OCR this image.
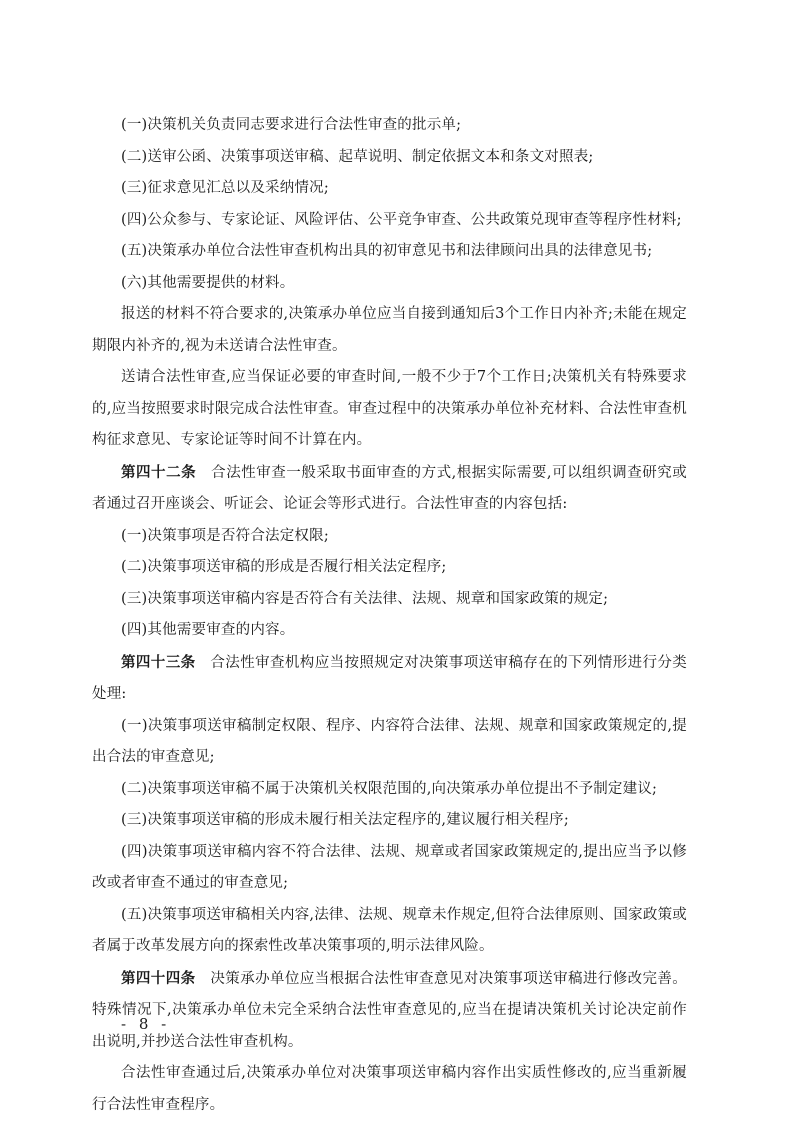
(一)决策机关负责同志要求进行合法性审查的批示单;

(二)送审公函、决策事项送审稿、起草说明、制定依据文本和条文对照表;

(三)征求意见汇总以及采纳情况;

(四)公众参与、专家论证、风险评估、公平竞争审查、公共政策兑现审查等程序性材料;

(五)决策承办单位合法性审查机构出具的初审意见书和法律顾问出具的法律意见书;

(六)其他需要提供的材料。

报送的材料不符合要求的,决策承办单位应当自接到通知后3个工作日内补齐;未能在规定期限内补齐的,视为未送请合法性审查。

送请合法性审查,应当保证必要的审查时间,一般不少于7个工作日;决策机关有特殊要求的,应当按照要求时限完成合法性审查。审查过程中的决策承办单位补充材料、合法性审查机构征求意见、专家论证等时间不计算在内。

第四十二条　 合法性审查一般采取书面审查的方式,根据实际需要,可以组织调查研究或者通过召开座谈会、听证会、论证会等形式进行。合法性审查的内容包括:

(一)决策事项是否符合法定权限;

(二)决策事项送审稿的形成是否履行相关法定程序;

(三)决策事项送审稿内容是否符合有关法律、法规、规章和国家政策的规定;

(四)其他需要审查的内容。

第四十三条　 合法性审查机构应当按照规定对决策事项送审稿存在的下列情形进行分类处理:

(一)决策事项送审稿制定权限、程序、内容符合法律、法规、规章和国家政策规定的,提出合法的审查意见;

(二)决策事项送审稿不属于决策机关权限范围的,向决策承办单位提出不予制定建议;

(三)决策事项送审稿的形成未履行相关法定程序的,建议履行相关程序;

(四)决策事项送审稿内容不符合法律、法规、规章或者国家政策规定的,提出应当予以修改或者审查不通过的审查意见;

(五)决策事项送审稿相关内容,法律、法规、规章未作规定,但符合法律原则、国家政策或者属于改革发展方向的探索性改革决策事项的,明示法律风险。

第四十四条　 决策承办单位应当根据合法性审查意见对决策事项送审稿进行修改完善。特殊情况下,决策承办单位未完全采纳合法性审查意见的,应当在提请决策机关讨论决定前作出说明,并抄送合法性审查机构。

合法性审查通过后,决策承办单位对决策事项送审稿内容作出实质性修改的,应当重新履行合法性审查程序。

- 8 -
